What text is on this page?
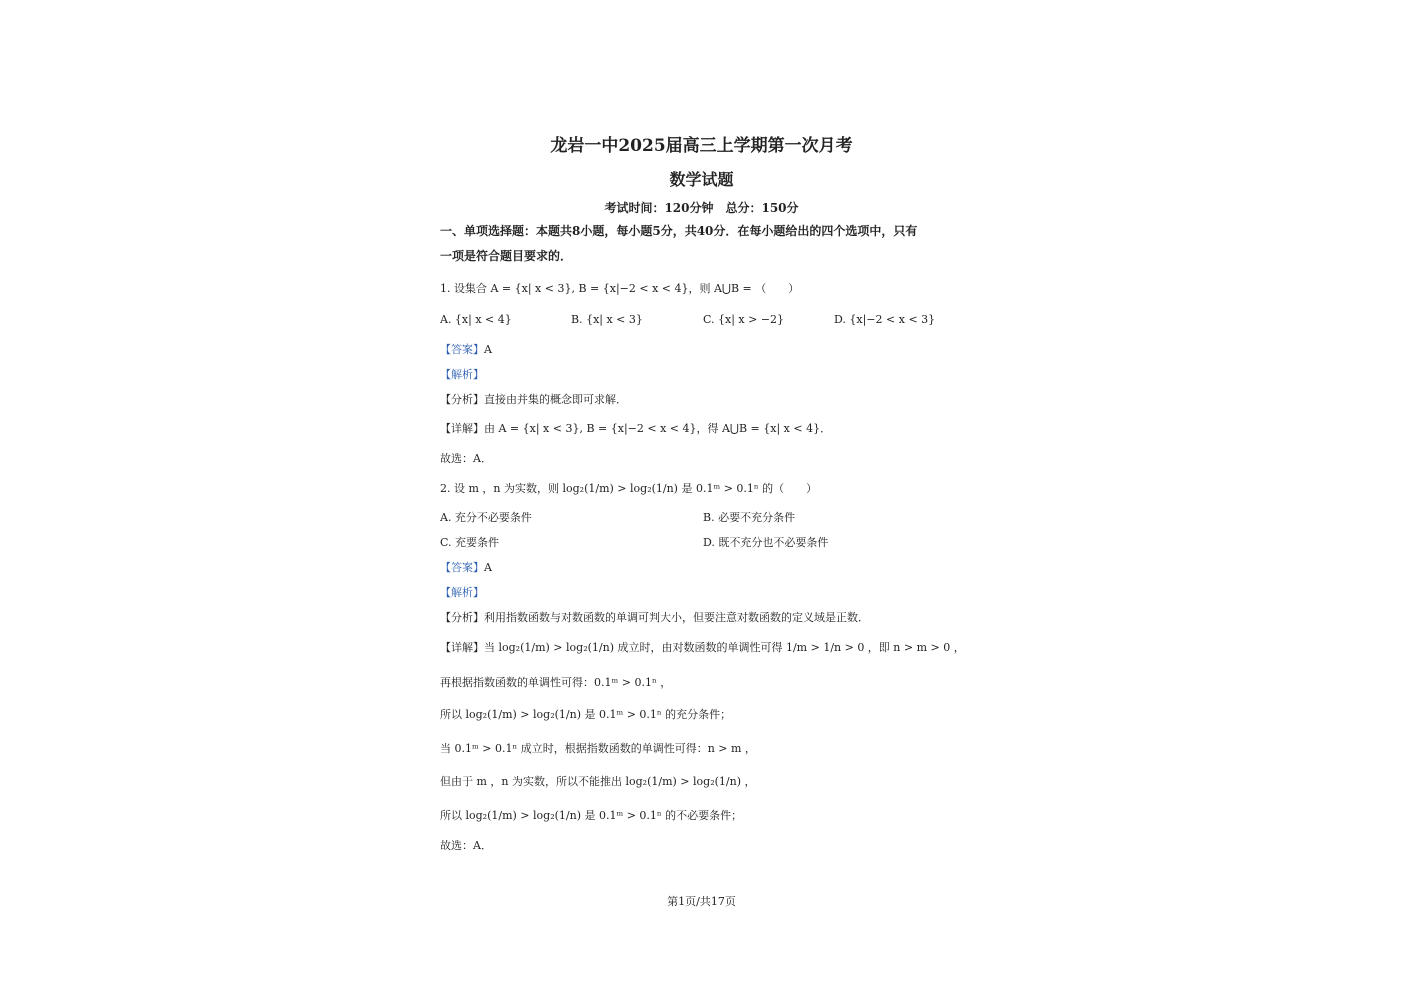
龙岩一中2025届高三上学期第一次月考
数学试题
考试时间：120分钟　总分：150分
一、单项选择题：本题共8小题，每小题5分，共40分．在每小题给出的四个选项中，只有
一项是符合题目要求的．
1. 设集合 A = {x| x < 3}, B = {x|−2 < x < 4}，则 A⋃B = （　　）
A. {x| x < 4}	B. {x| x < 3}	C. {x| x > −2}	D. {x|−2 < x < 3}
【答案】A
【解析】
【分析】直接由并集的概念即可求解．
【详解】由 A = {x| x < 3}, B = {x|−2 < x < 4}，得 A⋃B = {x| x < 4}．
故选：A．
2. 设 m ，n 为实数，则 log₂(1/m) > log₂(1/n) 是 0.1ᵐ > 0.1ⁿ 的（　　）
A. 充分不必要条件	B. 必要不充分条件
C. 充要条件	D. 既不充分也不必要条件
【答案】A
【解析】
【分析】利用指数函数与对数函数的单调可判大小，但要注意对数函数的定义域是正数．
【详解】当 log₂(1/m) > log₂(1/n) 成立时，由对数函数的单调性可得 1/m > 1/n > 0 ，即 n > m > 0 ，
再根据指数函数的单调性可得：0.1ᵐ > 0.1ⁿ ，
所以 log₂(1/m) > log₂(1/n) 是 0.1ᵐ > 0.1ⁿ 的充分条件；
当 0.1ᵐ > 0.1ⁿ 成立时，根据指数函数的单调性可得：n > m ，
但由于 m ，n 为实数，所以不能推出 log₂(1/m) > log₂(1/n) ，
所以 log₂(1/m) > log₂(1/n) 是 0.1ᵐ > 0.1ⁿ 的不必要条件；
故选：A．
第1页/共17页
